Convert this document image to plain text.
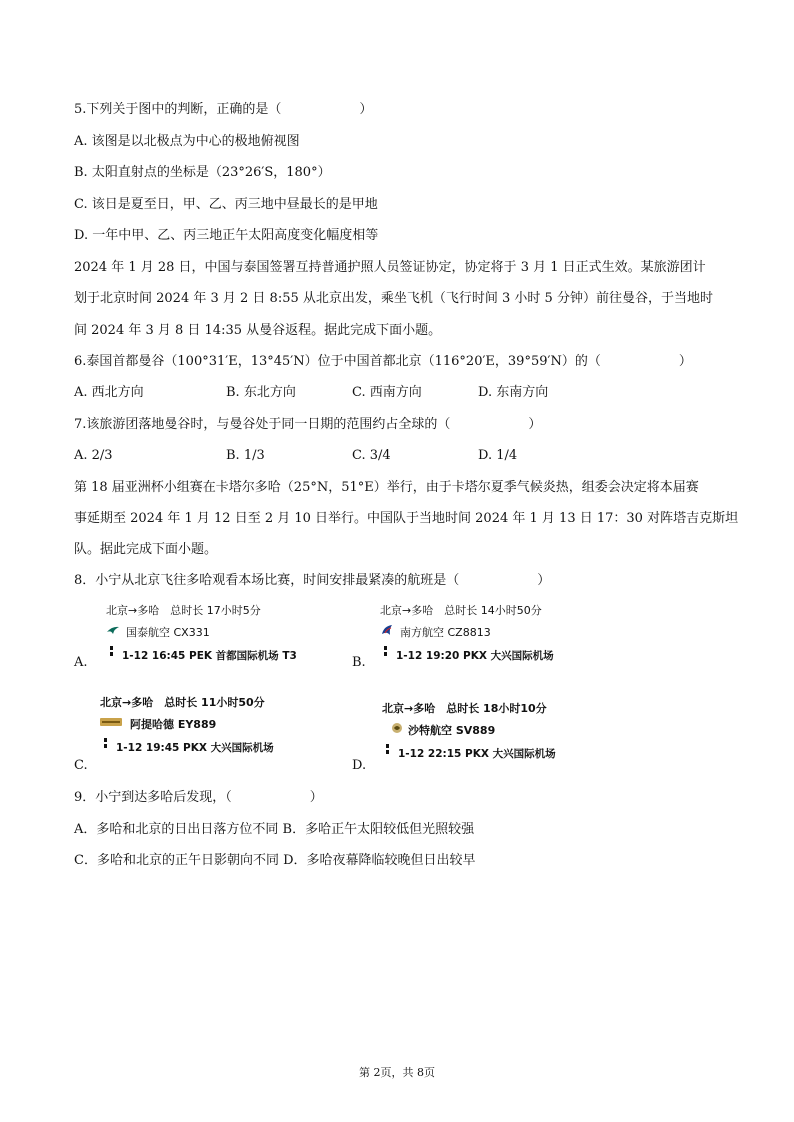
5.下列关于图中的判断，正确的是（　　　　　　）
A. 该图是以北极点为中心的极地俯视图
B. 太阳直射点的坐标是（23°26′S，180°）
C. 该日是夏至日，甲、乙、丙三地中昼最长的是甲地
D. 一年中甲、乙、丙三地正午太阳高度变化幅度相等
2024 年 1 月 28 日，中国与泰国签署互持普通护照人员签证协定，协定将于 3 月 1 日正式生效。某旅游团计
划于北京时间 2024 年 3 月 2 日 8:55 从北京出发，乘坐飞机（飞行时间 3 小时 5 分钟）前往曼谷，于当地时
间 2024 年 3 月 8 日 14:35 从曼谷返程。据此完成下面小题。
6.泰国首都曼谷（100°31′E，13°45′N）位于中国首都北京（116°20′E，39°59′N）的（　　　　　　）
A. 西北方向	B. 东北方向	C. 西南方向	D. 东南方向
7.该旅游团落地曼谷时，与曼谷处于同一日期的范围约占全球的（　　　　　　）
A. 2/3	B. 1/3	C. 3/4	D. 1/4
第 18 届亚洲杯小组赛在卡塔尔多哈（25°N，51°E）举行，由于卡塔尔夏季气候炎热，组委会决定将本届赛
事延期至 2024 年 1 月 12 日至 2 月 10 日举行。中国队于当地时间 2024 年 1 月 13 日 17：30 对阵塔吉克斯坦
队。据此完成下面小题。
8．小宁从北京飞往多哈观看本场比赛，时间安排最紧凑的航班是（　　　　　　）
北京→多哈　总时长 17小时5分
国泰航空 CX331
1-12 16:45 PEK 首都国际机场 T3
A.
北京→多哈　总时长 14小时50分
南方航空 CZ8813
1-12 19:20 PKX 大兴国际机场
B.
北京→多哈　总时长 11小时50分
阿提哈德 EY889
1-12 19:45 PKX 大兴国际机场
C.
北京→多哈　总时长 18小时10分
沙特航空 SV889
1-12 22:15 PKX 大兴国际机场
D.
9．小宁到达多哈后发现，（　　　　　　）
A．多哈和北京的日出日落方位不同 B．多哈正午太阳较低但光照较强
C．多哈和北京的正午日影朝向不同 D．多哈夜幕降临较晚但日出较早
第 2页，共 8页
